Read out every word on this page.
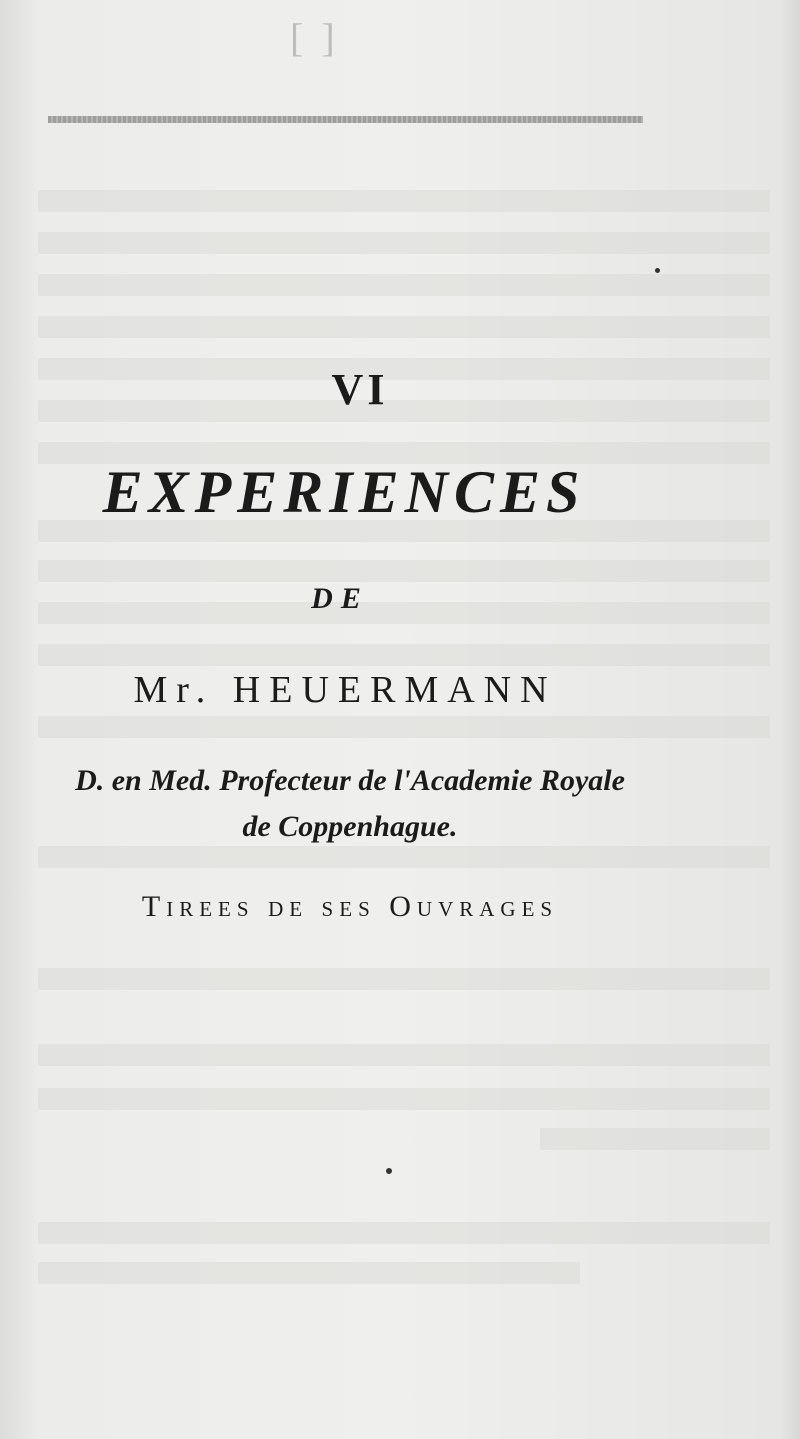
[ ]
VI
EXPERIENCES
DE
Mr. HEUERMANN
D. en Med. Profecteur de l'Academie Royale
de Coppenhague.
Tirees de ses Ouvrages
